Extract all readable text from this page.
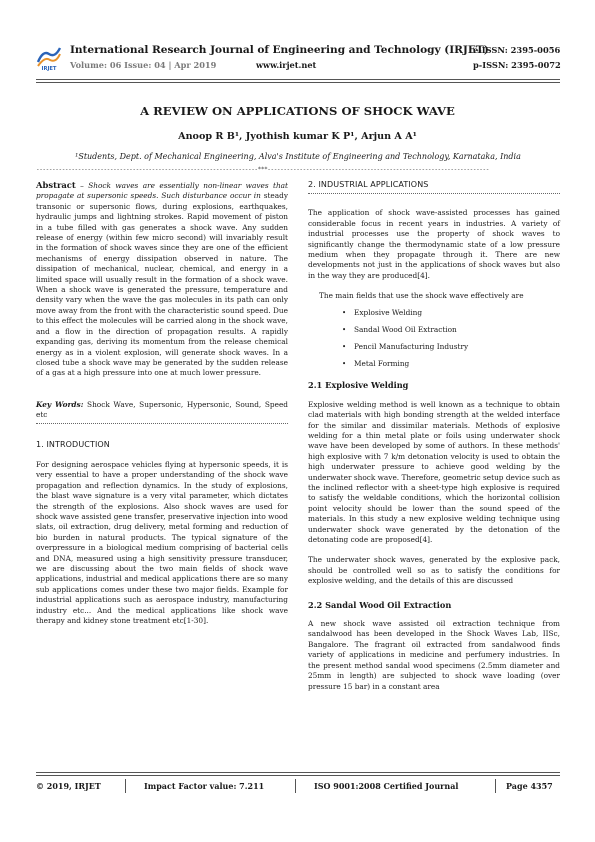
IRJET
International Research Journal of Engineering and Technology (IRJET)
Volume: 06 Issue: 04 | Apr 2019	www.irjet.net
e-ISSN: 2395-0056
p-ISSN: 2395-0072
A REVIEW ON APPLICATIONS OF SHOCK WAVE
Anoop R B¹, Jyothish kumar K P¹, Arjun A A¹
¹Students, Dept. of Mechanical Engineering, Alva's Institute of Engineering and Technology, Karnataka, India
---------------------------------------------------------------------***---------------------------------------------------------------------

Abstract – Shock waves are essentially non-linear waves that propagate at supersonic speeds. Such disturbance occur in steady transonic or supersonic flows, during explosions, earthquakes, hydraulic jumps and lightning strokes. Rapid movement of piston in a tube filled with gas generates a shock wave. Any sudden release of energy (within few micro second) will invariably result in the formation of shock waves since they are one of the efficient mechanisms of energy dissipation observed in nature. The dissipation of mechanical, nuclear, chemical, and energy in a limited space will usually result in the formation of a shock wave. When a shock wave is generated the pressure, temperature and density vary when the wave the gas molecules in its path can only move away from the front with the characteristic sound speed. Due to this effect the molecules will be carried along in the shock wave, and a flow in the direction of propagation results. A rapidly expanding gas, deriving its momentum from the release chemical energy as in a violent explosion, will generate shock waves. In a closed tube a shock wave may be generated by the sudden release of a gas at a high pressure into one at much lower pressure.

Key Words: Shock Wave, Supersonic, Hypersonic, Sound, Speed etc

1. INTRODUCTION

For designing aerospace vehicles flying at hypersonic speeds, it is very essential to have a proper understanding of the shock wave propagation and reflection dynamics. In the study of explosions, the blast wave signature is a very vital parameter, which dictates the strength of the explosions. Also shock waves are used for shock wave assisted gene transfer, preservative injection into wood slats, oil extraction, drug delivery, metal forming and reduction of bio burden in natural products. The typical signature of the overpressure in a biological medium comprising of bacterial cells and DNA, measured using a high sensitivity pressure transducer, we are discussing about the two main fields of shock wave applications, industrial and medical applications there are so many sub applications comes under these two major fields. Example for industrial applications such as aerospace industry, manufacturing industry etc... And the medical applications like shock wave therapy and kidney stone treatment etc[1-30].

2. INDUSTRIAL APPLICATIONS

The application of shock wave-assisted processes has gained considerable focus in recent years in industries. A variety of industrial processes use the property of shock waves to significantly change the thermodynamic state of a low pressure medium when they propagate through it. There are new developments not just in the applications of shock waves but also in the way they are produced[4].

The main fields that use the shock wave effectively are

• Explosive Welding
• Sandal Wood Oil Extraction
• Pencil Manufacturing Industry
• Metal Forming
2.1 Explosive Welding

Explosive welding method is well known as a technique to obtain clad materials with high bonding strength at the welded interface for the similar and dissimilar materials. Methods of explosive welding for a thin metal plate or foils using underwater shock wave have been developed by some of authors. In these methods' high explosive with 7 k/m detonation velocity is used to obtain the high underwater pressure to achieve good welding by the underwater shock wave. Therefore, geometric setup device such as the inclined reflector with a sheet-type high explosive is required to satisfy the weldable conditions, which the horizontal collision point velocity should be lower than the sound speed of the materials. In this study a new explosive welding technique using underwater shock wave generated by the detonation of the detonating code are proposed[4].

The underwater shock waves, generated by the explosive pack, should be controlled well so as to satisfy the conditions for explosive welding, and the details of this are discussed

2.2 Sandal Wood Oil Extraction

A new shock wave assisted oil extraction technique from sandalwood has been developed in the Shock Waves Lab, IISc, Bangalore. The fragrant oil extracted from sandalwood finds variety of applications in medicine and perfumery industries. In the present method sandal wood specimens (2.5mm diameter and 25mm in length) are subjected to shock wave loading (over pressure 15 bar) in a constant area

© 2019, IRJET	Impact Factor value: 7.211	ISO 9001:2008 Certified Journal	Page 4357
